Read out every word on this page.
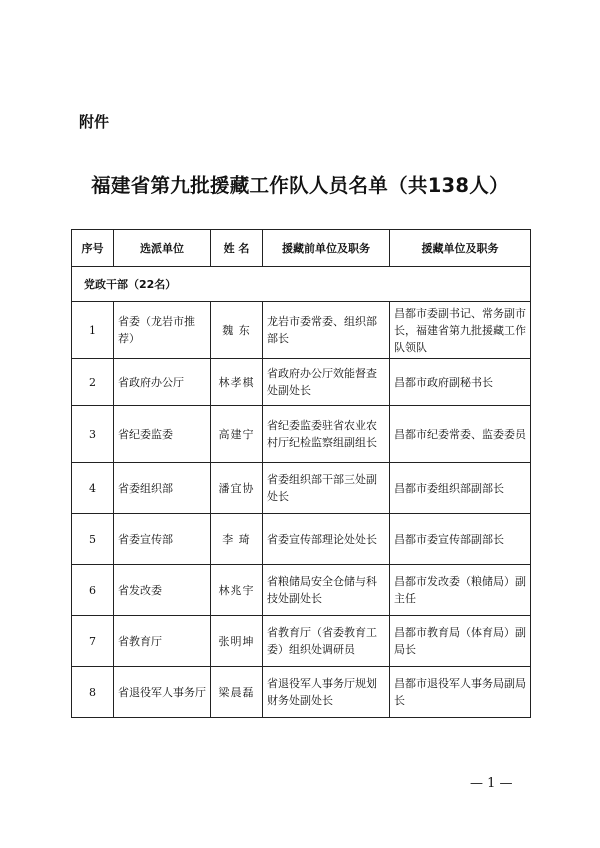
附件
福建省第九批援藏工作队人员名单（共138人）
序号	选派单位	姓 名	援藏前单位及职务	援藏单位及职务
党政干部（22名）				
1	省委（龙岩市推荐）	魏 东	龙岩市委常委、组织部部长	昌都市委副书记、常务副市长，福建省第九批援藏工作队领队
2	省政府办公厅	林孝棋	省政府办公厅效能督查处副处长	昌都市政府副秘书长
3	省纪委监委	高建宁	省纪委监委驻省农业农村厅纪检监察组副组长	昌都市纪委常委、监委委员
4	省委组织部	潘宜协	省委组织部干部三处副处长	昌都市委组织部副部长
5	省委宣传部	李 琦	省委宣传部理论处处长	昌都市委宣传部副部长
6	省发改委	林兆宇	省粮储局安全仓储与科技处副处长	昌都市发改委（粮储局）副主任
7	省教育厅	张明坤	省教育厅（省委教育工委）组织处调研员	昌都市教育局（体育局）副局长
8	省退役军人事务厅	梁晨磊	省退役军人事务厅规划财务处副处长	昌都市退役军人事务局副局长
— 1 —
